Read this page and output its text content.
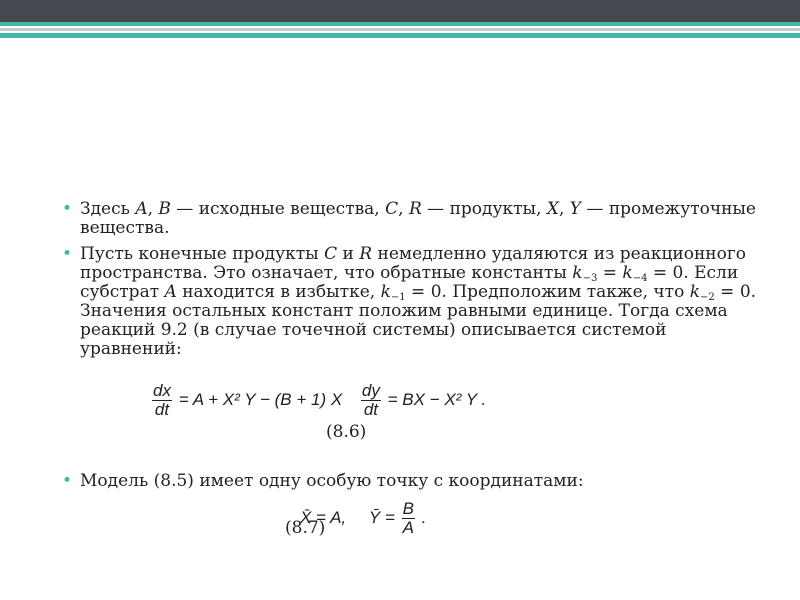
• Здесь A, B — исходные вещества, C, R — продукты, X, Y — промежуточные вещества.

• Пусть конечные продукты C и R немедленно удаляются из реакционного пространства. Это означает, что обратные константы $k_{-3} = k_{-4} = 0$. Если субстрат A находится в избытке, $k_{-1} = 0$. Предположим также, что $k_{-2} = 0$. Значения остальных констант положим равными единице. Тогда схема реакций 9.2 (в случае точечной системы) описывается системой уравнений:

$\frac{dx}{dt} = A + X^2$ Y − (B + 1) X $\frac{dy}{dt}$ = BX − X² Y .
(8.6)

• Модель (8.5) имеет одну особую точку с координатами:

X̄ = A, Ȳ = $\frac{B}{A}$ .
(8.7)
